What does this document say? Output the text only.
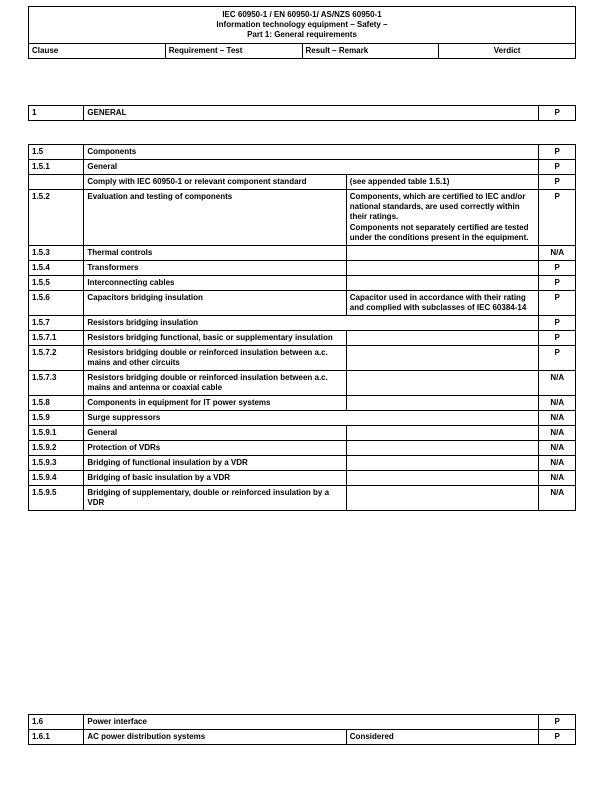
IEC 60950-1 / EN 60950-1/ AS/NZS 60950-1
Information technology equipment – Safety –
Part 1: General requirements

Clause	Requirement – Test	Result – Remark	Verdict
1	GENERAL	P
1.5	Components		P
1.5.1	General		P
	Comply with IEC 60950-1 or relevant component standard	(see appended table 1.5.1)	P
1.5.2	Evaluation and testing of components	Components, which are certified to IEC and/or national standards, are used correctly within their ratings.
Components not separately certified are tested under the conditions present in the equipment.	P
1.5.3	Thermal controls		N/A
1.5.4	Transformers		P
1.5.5	Interconnecting cables		P
1.5.6	Capacitors bridging insulation	Capacitor used in accordance with their rating and complied with subclasses of IEC 60384-14	P
1.5.7	Resistors bridging insulation		P
1.5.7.1	Resistors bridging functional, basic or supplementary insulation		P
1.5.7.2	Resistors bridging double or reinforced insulation between a.c. mains and other circuits		P
1.5.7.3	Resistors bridging double or reinforced insulation between a.c. mains and antenna or coaxial cable		N/A
1.5.8	Components in equipment for IT power systems		N/A
1.5.9	Surge suppressors		N/A
1.5.9.1	General		N/A
1.5.9.2	Protection of VDRs		N/A
1.5.9.3	Bridging of functional insulation by a VDR		N/A
1.5.9.4	Bridging of basic insulation by a VDR		N/A
1.5.9.5	Bridging of supplementary, double or reinforced insulation by a VDR		N/A
1.6	Power interface		P
1.6.1	AC power distribution systems	Considered	P
